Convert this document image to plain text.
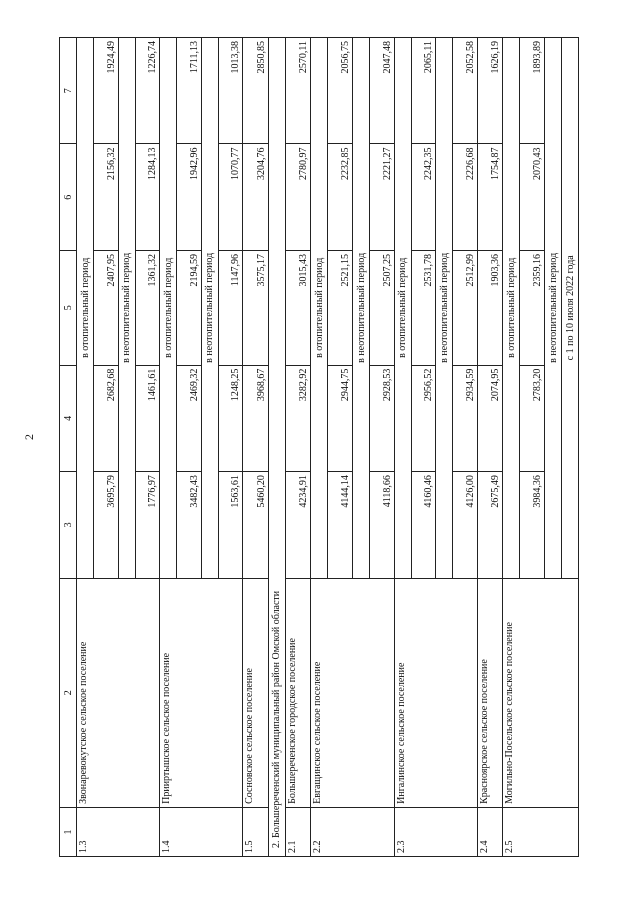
2
1	2	3	4	5	6	7
1.3	Звонаревокутское сельское поселение	в отопительный период				
		3695,79	2682,68	2407,95	2156,32	1924,49
		в неотопительный период				
		1776,97	1461,61	1361,32	1284,13	1226,74
1.4	Прииртышское сельское поселение	в отопительный период				
		3482,43	2469,32	2194,59	1942,96	1711,13
		в неотопительный период				
		1563,61	1248,25	1147,96	1070,77	1013,38
1.5	Сосновское сельское поселение	5460,20	3968,67	3575,17	3204,76	2850,85
2. Большереченский муниципальный район Омской области						
2.1	Большереченское городское поселение	4234,91	3282,92	3015,43	2780,97	2570,11
2.2	Евгащинское сельское поселение	в отопительный период				
		4144,14	2944,75	2521,15	2232,85	2056,75
		в неотопительный период				
		4118,66	2928,53	2507,25	2221,27	2047,48
2.3	Ингалинское сельское поселение	в отопительный период				
		4160,46	2956,52	2531,78	2242,35	2065,11
		в неотопительный период				
		4126,00	2934,59	2512,99	2226,68	2052,58
2.4	Красноярское сельское поселение	2675,49	2074,95	1903,36	1754,87	1626,19
2.5	Могильно-Посельское сельское поселение	в отопительный период				
		3984,36	2783,20	2359,16	2070,43	1893,89
		в неотопительный период				
		с 1 по 10 июля 2022 года				
